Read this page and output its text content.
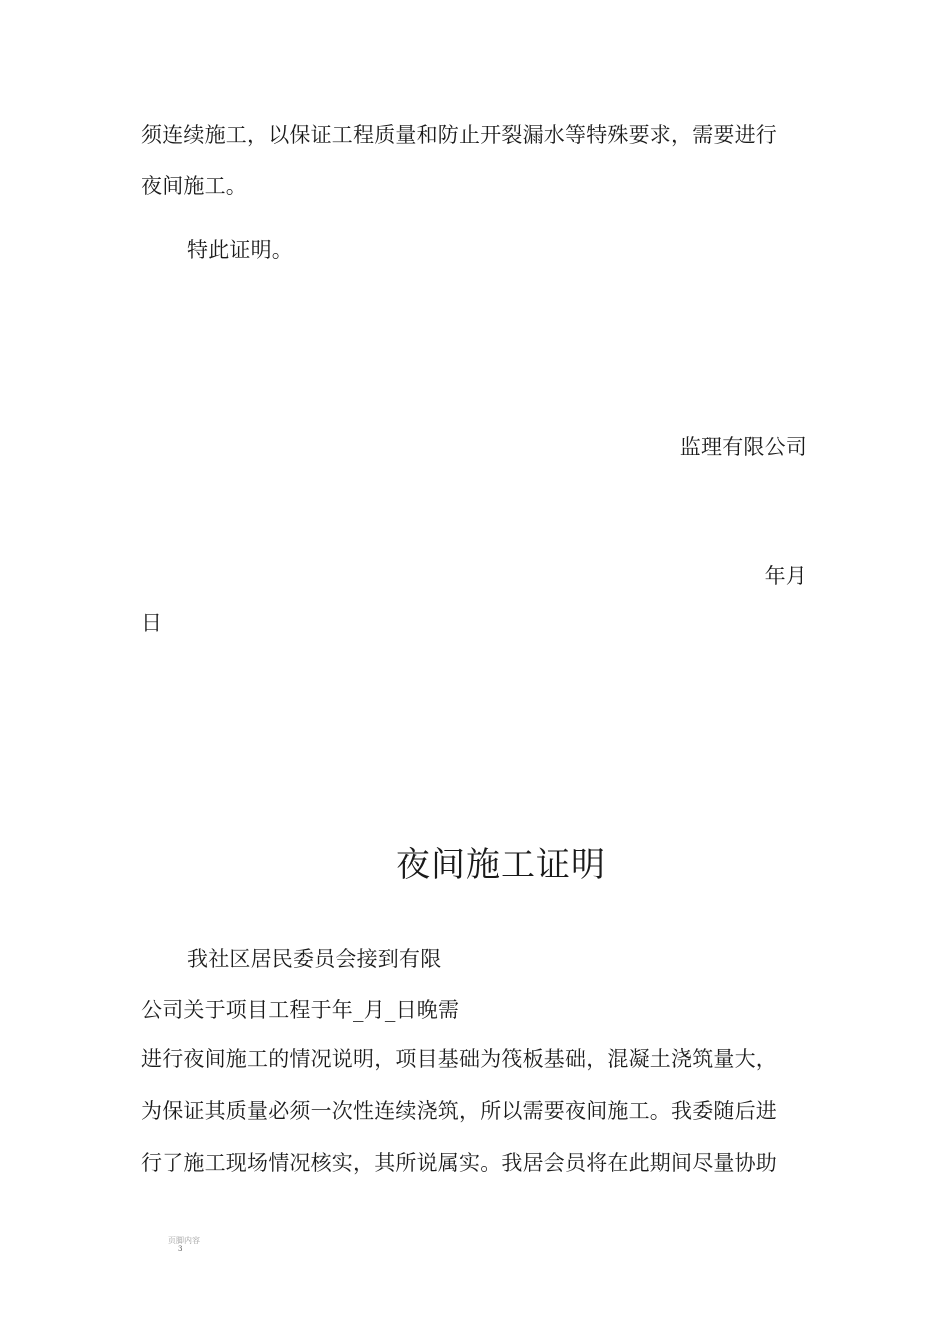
须连续施工，以保证工程质量和防止开裂漏水等特殊要求，需要进行
夜间施工。
特此证明。
监理有限公司
年月
日
夜间施工证明
我社区居民委员会接到有限
公司关于项目工程于年_月_日晚需
进行夜间施工的情况说明，项目基础为筏板基础，混凝土浇筑量大，
为保证其质量必须一次性连续浇筑，所以需要夜间施工。我委随后进
行了施工现场情况核实，其所说属实。我居会员将在此期间尽量协助
页脚内容
3
